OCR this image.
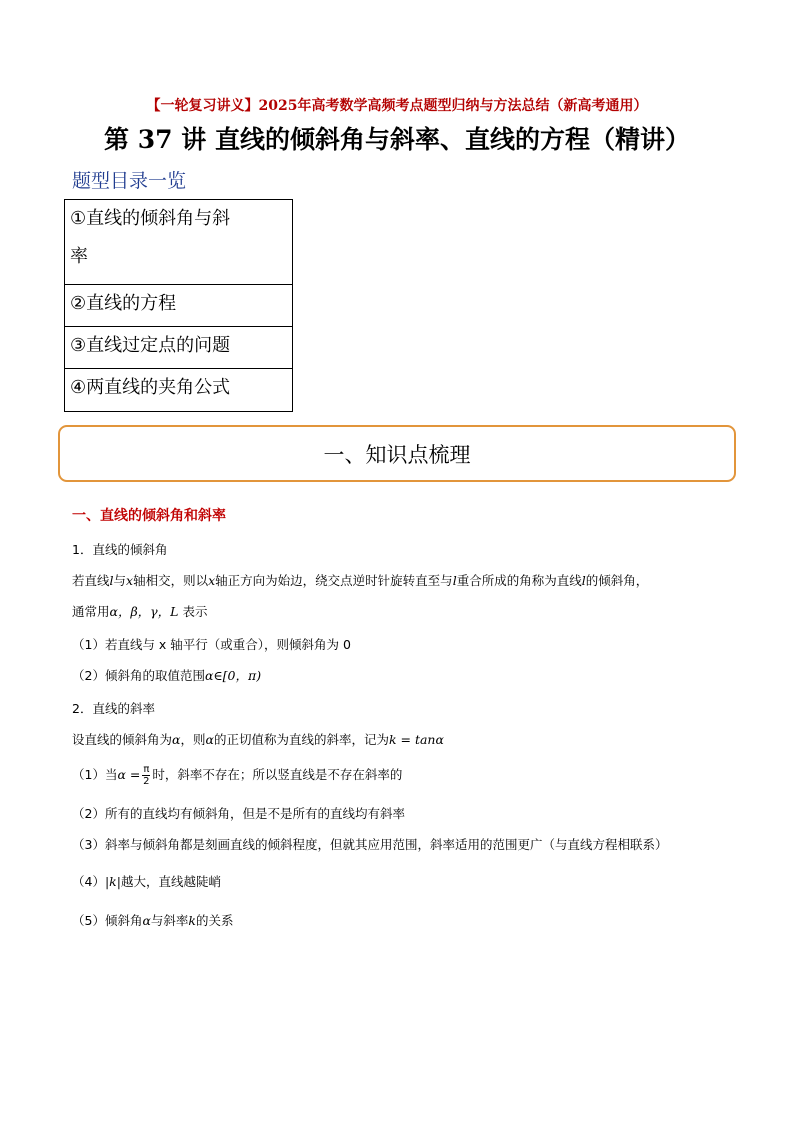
【一轮复习讲义】2025年高考数学高频考点题型归纳与方法总结（新高考通用）
第 37 讲 直线的倾斜角与斜率、直线的方程（精讲）
题型目录一览
①直线的倾斜角与斜
率
②直线的方程
③直线过定点的问题
④两直线的夹角公式
一、知识点梳理
一、直线的倾斜角和斜率
1．直线的倾斜角
若直线l与x轴相交，则以x轴正方向为始边，绕交点逆时针旋转直至与l重合所成的角称为直线l的倾斜角，
通常用α，β，γ，L 表示
（1）若直线与 x 轴平行（或重合），则倾斜角为 0
（2）倾斜角的取值范围α∈[0，π)
2．直线的斜率
设直线的倾斜角为α，则α的正切值称为直线的斜率，记为k = tanα
（1）当$\alpha = \frac{\pi}{2}$ 时，斜率不存在；所以竖直线是不存在斜率的
（2）所有的直线均有倾斜角，但是不是所有的直线均有斜率
（3）斜率与倾斜角都是刻画直线的倾斜程度，但就其应用范围，斜率适用的范围更广（与直线方程相联系）
（4）|k|越大，直线越陡峭
（5）倾斜角α与斜率k的关系
